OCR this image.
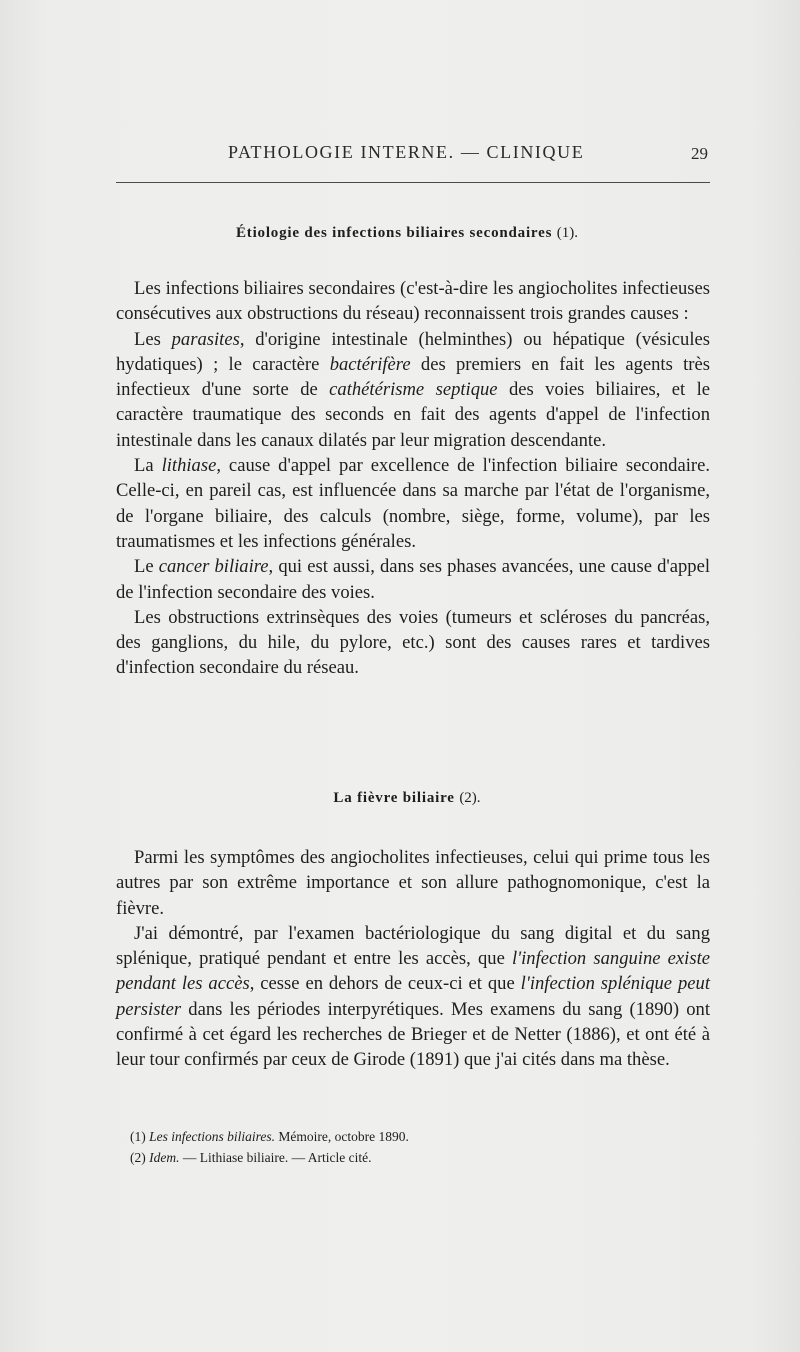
PATHOLOGIE INTERNE. — CLINIQUE	29
Étiologie des infections biliaires secondaires (1).

Les infections biliaires secondaires (c'est-à-dire les angiocholites infectieuses consécutives aux obstructions du réseau) reconnaissent trois grandes causes :

Les parasites, d'origine intestinale (helminthes) ou hépatique (vésicules hydatiques) ; le caractère bactérifère des premiers en fait les agents très infectieux d'une sorte de cathétérisme septique des voies biliaires, et le caractère traumatique des seconds en fait des agents d'appel de l'infection intestinale dans les canaux dilatés par leur migration descendante.

La lithiase, cause d'appel par excellence de l'infection biliaire secondaire. Celle-ci, en pareil cas, est influencée dans sa marche par l'état de l'organisme, de l'organe biliaire, des calculs (nombre, siège, forme, volume), par les traumatismes et les infections générales.

Le cancer biliaire, qui est aussi, dans ses phases avancées, une cause d'appel de l'infection secondaire des voies.

Les obstructions extrinsèques des voies (tumeurs et scléroses du pancréas, des ganglions, du hile, du pylore, etc.) sont des causes rares et tardives d'infection secondaire du réseau.

La fièvre biliaire (2).

Parmi les symptômes des angiocholites infectieuses, celui qui prime tous les autres par son extrême importance et son allure pathognomonique, c'est la fièvre.

J'ai démontré, par l'examen bactériologique du sang digital et du sang splénique, pratiqué pendant et entre les accès, que l'infection sanguine existe pendant les accès, cesse en dehors de ceux-ci et que l'infection splénique peut persister dans les périodes interpyrétiques. Mes examens du sang (1890) ont confirmé à cet égard les recherches de Brieger et de Netter (1886), et ont été à leur tour confirmés par ceux de Girode (1891) que j'ai cités dans ma thèse.

(1) Les infections biliaires. Mémoire, octobre 1890.

(2) Idem. — Lithiase biliaire. — Article cité.
